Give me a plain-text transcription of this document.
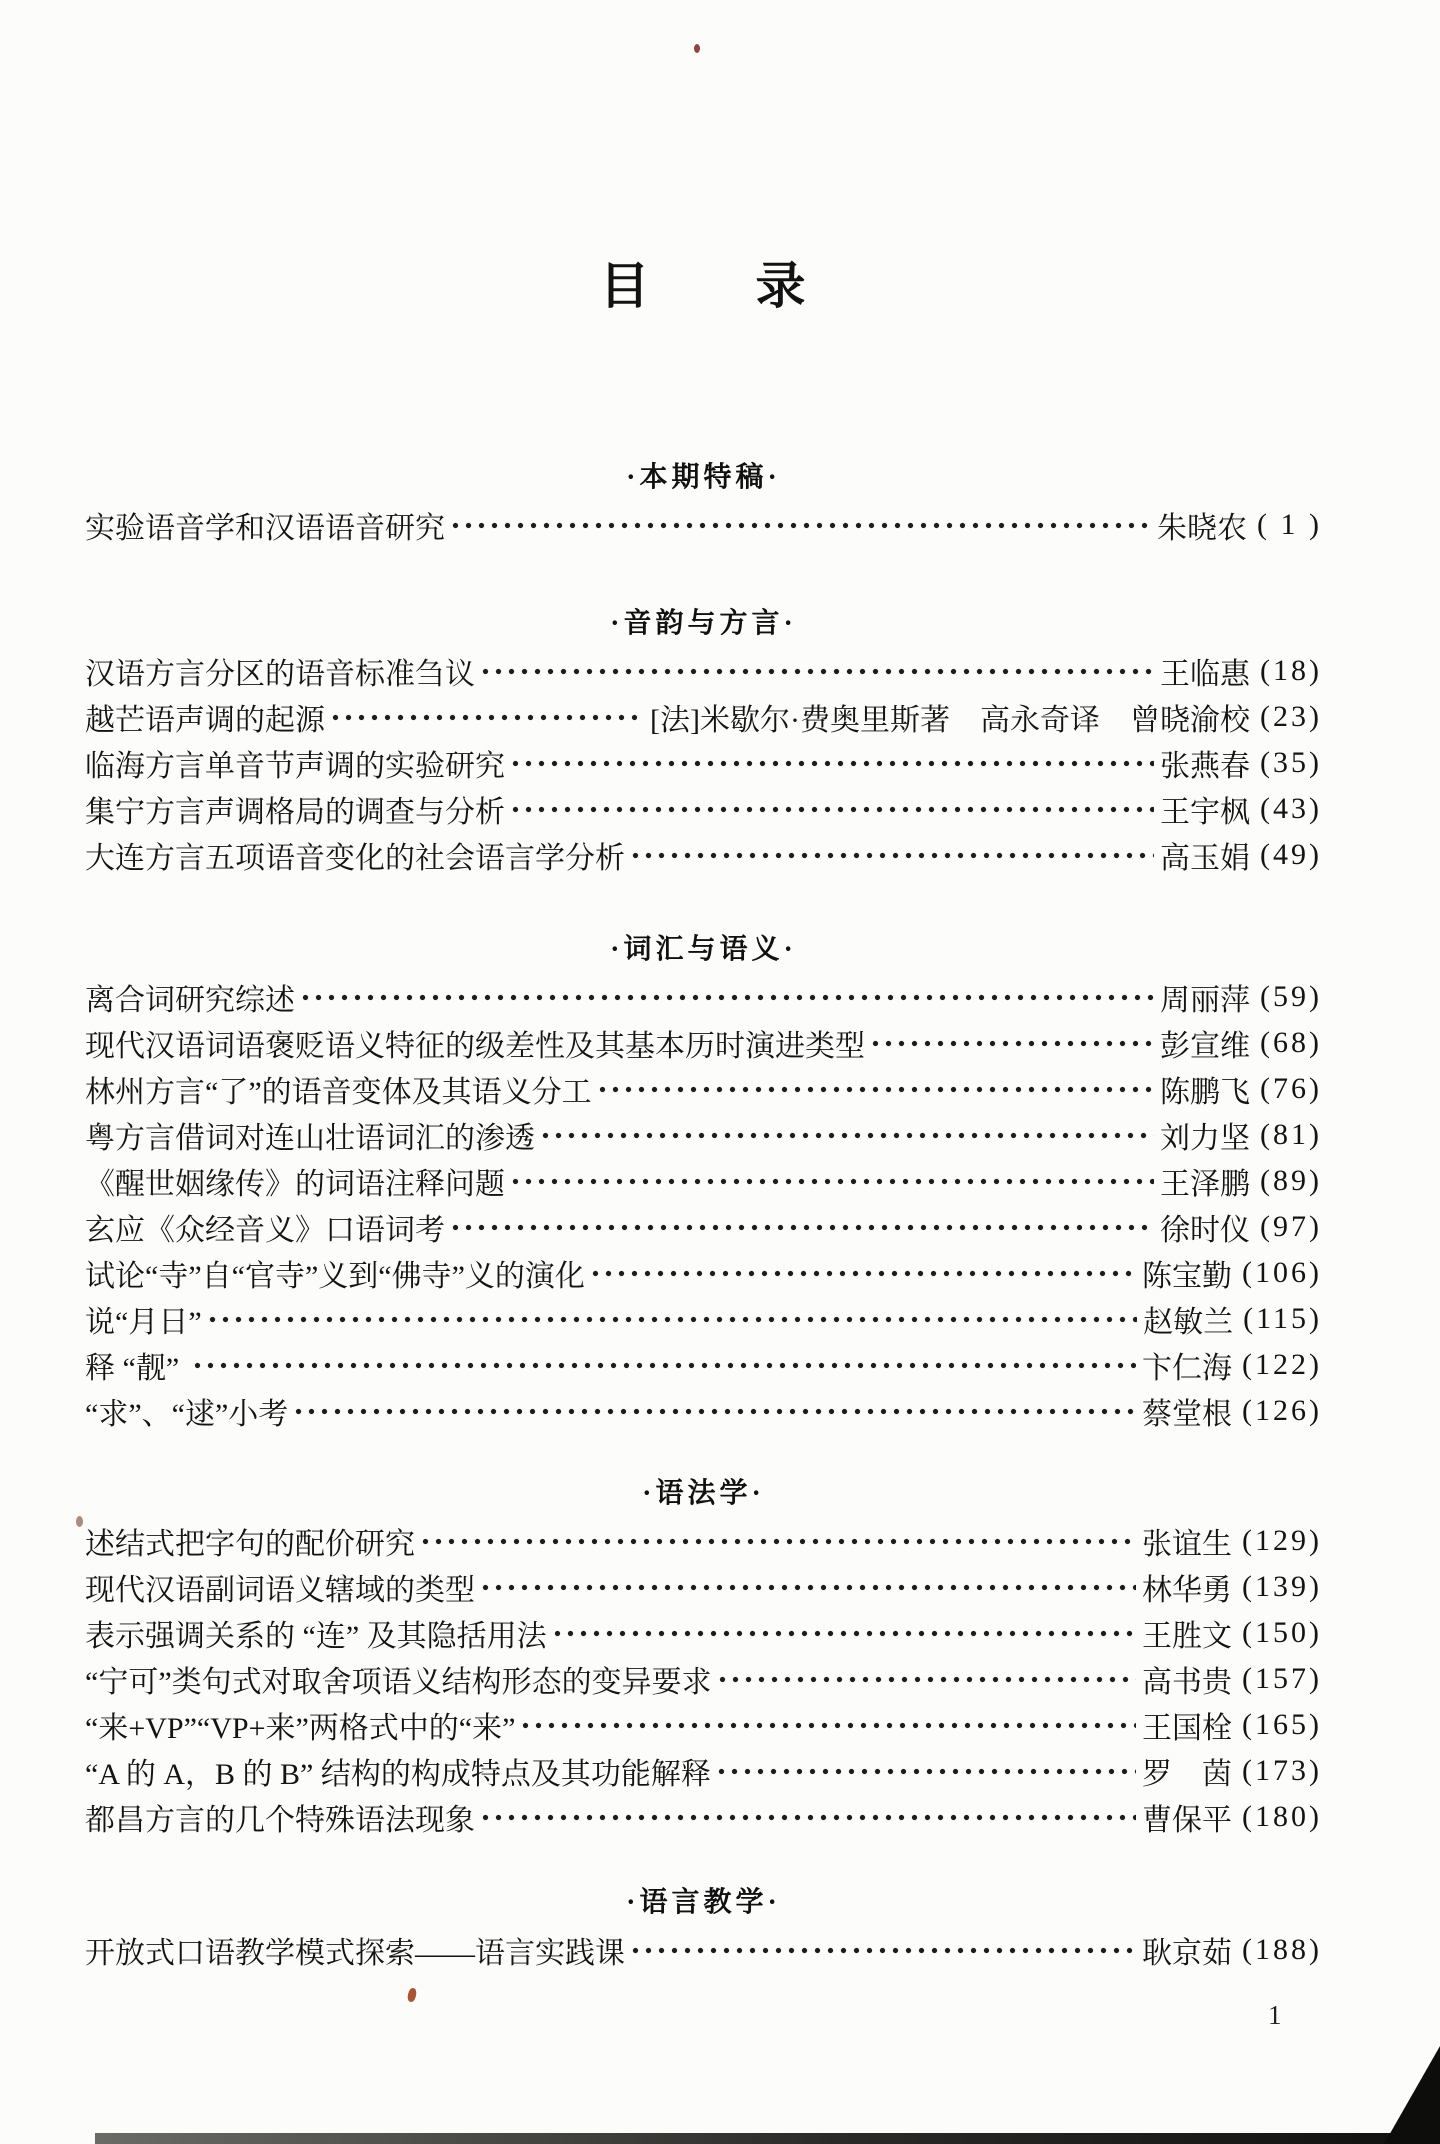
目　　录
·本期特稿·
实验语音学和汉语语音研究	朱晓农 ( 1 )
·音韵与方言·
汉语方言分区的语音标准刍议	王临惠 (18)
越芒语声调的起源	[法]米歇尔·费奥里斯著　高永奇译　曾晓渝校 (23)
临海方言单音节声调的实验研究	张燕春 (35)
集宁方言声调格局的调查与分析	王宇枫 (43)
大连方言五项语音变化的社会语言学分析	高玉娟 (49)
·词汇与语义·
离合词研究综述	周丽萍 (59)
现代汉语词语褒贬语义特征的级差性及其基本历时演进类型	彭宣维 (68)
林州方言“了”的语音变体及其语义分工	陈鹏飞 (76)
粤方言借词对连山壮语词汇的渗透	刘力坚 (81)
《醒世姻缘传》的词语注释问题	王泽鹏 (89)
玄应《众经音义》口语词考	徐时仪 (97)
试论“寺”自“官寺”义到“佛寺”义的演化	陈宝勤 (106)
说“月日”	赵敏兰 (115)
释 “靓”	卞仁海 (122)
“求”、“逑”小考	蔡堂根 (126)
·语法学·
述结式把字句的配价研究	张谊生 (129)
现代汉语副词语义辖域的类型	林华勇 (139)
表示强调关系的 “连” 及其隐括用法	王胜文 (150)
“宁可”类句式对取舍项语义结构形态的变异要求	高书贵 (157)
“来+VP”“VP+来”两格式中的“来”	王国栓 (165)
“A 的 A，B 的 B” 结构的构成特点及其功能解释	罗　茵 (173)
都昌方言的几个特殊语法现象	曹保平 (180)
·语言教学·
开放式口语教学模式探索——语言实践课	耿京茹 (188)
1
